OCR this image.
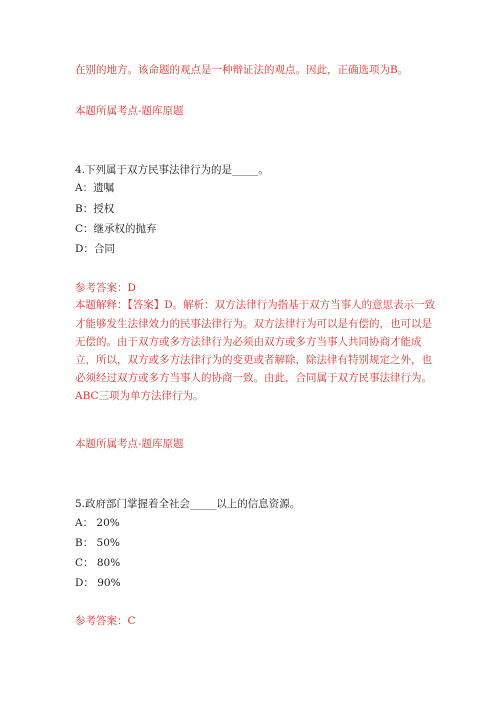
在别的地方。该命题的观点是一种辩证法的观点。因此，正确选项为B。
本题所属考点-题库原题
4.下列属于双方民事法律行为的是_____。
A：遗嘱
B：授权
C：继承权的抛弃
D：合同
参考答案：D
本题解释：【答案】D。解析：双方法律行为指基于双方当事人的意思表示一致
才能够发生法律效力的民事法律行为。双方法律行为可以是有偿的，也可以是
无偿的。由于双方或多方法律行为必须由双方或多方当事人共同协商才能成
立，所以，双方或多方法律行为的变更或者解除，除法律有特别规定之外，也
必须经过双方或多方当事人的协商一致。由此，合同属于双方民事法律行为。
ABC三项为单方法律行为。
本题所属考点-题库原题
5.政府部门掌握着全社会_____以上的信息资源。
A： 20%
B： 50%
C： 80%
D： 90%
参考答案：C
